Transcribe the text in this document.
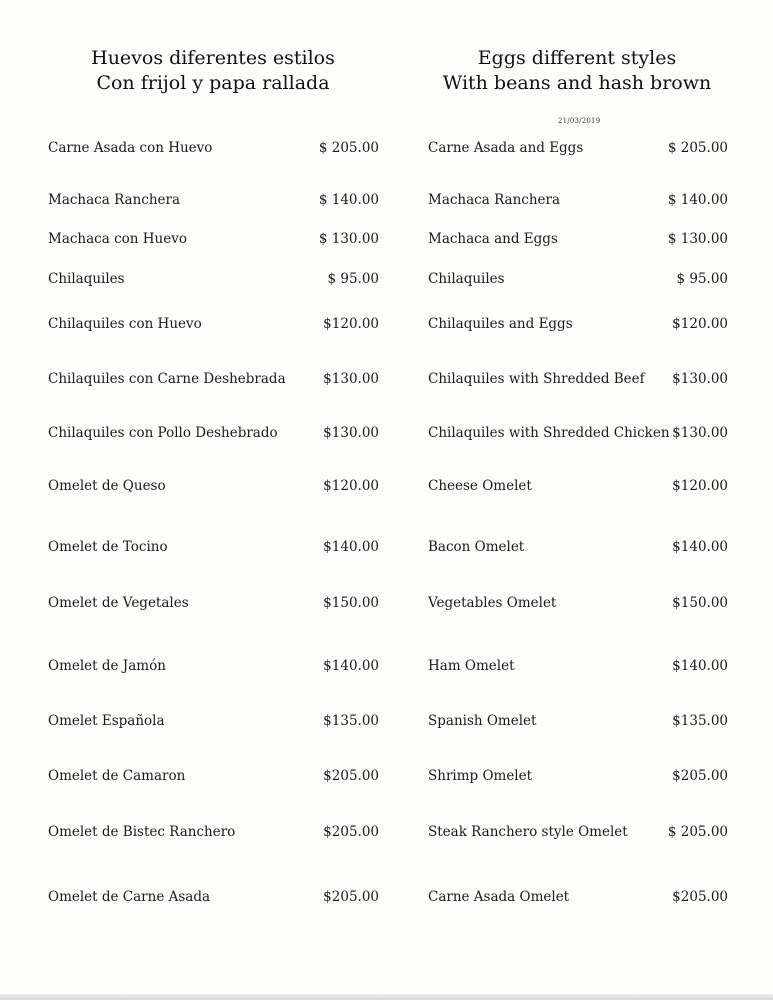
Huevos diferentes estilos
Con frijol y papa rallada
Eggs different styles
With beans and hash brown
21/03/2019
Carne Asada con Huevo	$ 205.00	Carne Asada and Eggs	$ 205.00
Machaca Ranchera	$ 140.00	Machaca Ranchera	$ 140.00
Machaca con Huevo	$ 130.00	Machaca and Eggs	$ 130.00
Chilaquiles	$ 95.00	Chilaquiles	$ 95.00
Chilaquiles con Huevo	$120.00	Chilaquiles and Eggs	$120.00
Chilaquiles con Carne Deshebrada	$130.00	Chilaquiles with Shredded Beef $130.00
Chilaquiles con Pollo Deshebrado	$130.00	Chilaquiles with Shredded Chicken $130.00
Omelet de Queso	$120.00	Cheese Omelet	$120.00
Omelet de Tocino	$140.00	Bacon Omelet	$140.00
Omelet de Vegetales	$150.00	Vegetables Omelet	$150.00
Omelet de Jamón	$140.00	Ham Omelet	$140.00
Omelet Española	$135.00	Spanish Omelet	$135.00
Omelet de Camaron	$205.00	Shrimp Omelet	$205.00
Omelet de Bistec Ranchero	$205.00	Steak Ranchero style Omelet	$ 205.00
Omelet de Carne Asada	$205.00	Carne Asada Omelet	$205.00
